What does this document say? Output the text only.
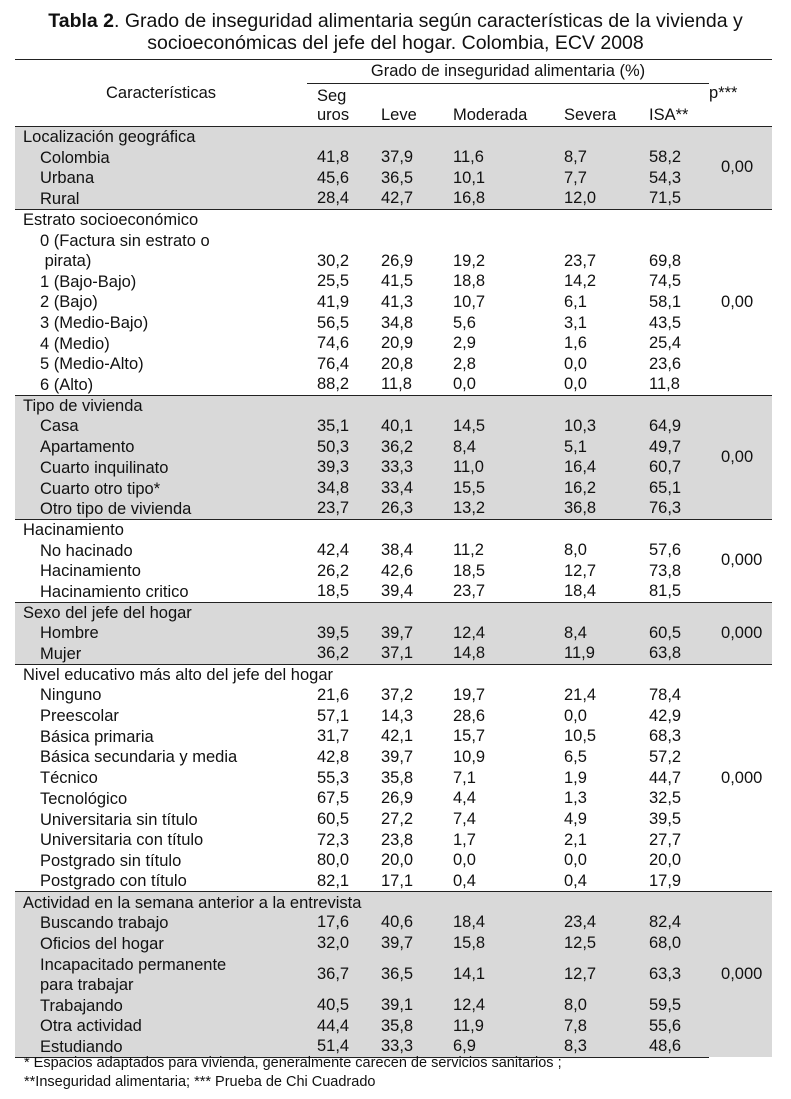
Tabla 2. Grado de inseguridad alimentaria según características de la vivienda y
socioeconómicas del jefe del hogar. Colombia, ECV 2008
Características	Grado de inseguridad alimentaria (%)					p***
	Seg					
	uros	Leve	Moderada	Severa	ISA**	
Localización geográfica						0,00

Colombia	41,8	37,9	11,6	8,7	58,2	

Urbana	45,6	36,5	10,1	7,7	54,3	

Rural	28,4	42,7	16,8	12,0	71,5	
Estrato socioeconómico						0,00

0 (Factura sin estrato o
pirata)	30,2	26,9	19,2	23,7	69,8	

1 (Bajo-Bajo)	25,5	41,5	18,8	14,2	74,5	

2 (Bajo)	41,9	41,3	10,7	6,1	58,1	

3 (Medio-Bajo)	56,5	34,8	5,6	3,1	43,5	

4 (Medio)	74,6	20,9	2,9	1,6	25,4	

5 (Medio-Alto)	76,4	20,8	2,8	0,0	23,6	

6 (Alto)	88,2	11,8	0,0	0,0	11,8	
Tipo de vivienda						0,00

Casa	35,1	40,1	14,5	10,3	64,9	

Apartamento	50,3	36,2	8,4	5,1	49,7	

Cuarto inquilinato	39,3	33,3	11,0	16,4	60,7	

Cuarto otro tipo*	34,8	33,4	15,5	16,2	65,1	

Otro tipo de vivienda	23,7	26,3	13,2	36,8	76,3	
Hacinamiento						0,000

No hacinado	42,4	38,4	11,2	8,0	57,6	

Hacinamiento	26,2	42,6	18,5	12,7	73,8	

Hacinamiento critico	18,5	39,4	23,7	18,4	81,5	
Sexo del jefe del hogar						0,000

Hombre	39,5	39,7	12,4	8,4	60,5	

Mujer	36,2	37,1	14,8	11,9	63,8	
Nivel educativo más alto del jefe del hogar						0,000

Ninguno	21,6	37,2	19,7	21,4	78,4	

Preescolar	57,1	14,3	28,6	0,0	42,9	

Básica primaria	31,7	42,1	15,7	10,5	68,3	

Básica secundaria y media	42,8	39,7	10,9	6,5	57,2	

Técnico	55,3	35,8	7,1	1,9	44,7	

Tecnológico	67,5	26,9	4,4	1,3	32,5	

Universitaria sin título	60,5	27,2	7,4	4,9	39,5	

Universitaria con título	72,3	23,8	1,7	2,1	27,7	

Postgrado sin título	80,0	20,0	0,0	0,0	20,0	

Postgrado con título	82,1	17,1	0,4	0,4	17,9	
Actividad en la semana anterior a la entrevista						0,000

Buscando trabajo	17,6	40,6	18,4	23,4	82,4	

Oficios del hogar	32,0	39,7	15,8	12,5	68,0	

Incapacitado permanente
para trabajar	36,7	36,5	14,1	12,7	63,3	

Trabajando	40,5	39,1	12,4	8,0	59,5	

Otra actividad	44,4	35,8	11,9	7,8	55,6	

Estudiando	51,4	33,3	6,9	8,3	48,6	
* Espacios adaptados para vivienda, generalmente carecen de servicios sanitarios ;
**Inseguridad alimentaria; *** Prueba de Chi Cuadrado
